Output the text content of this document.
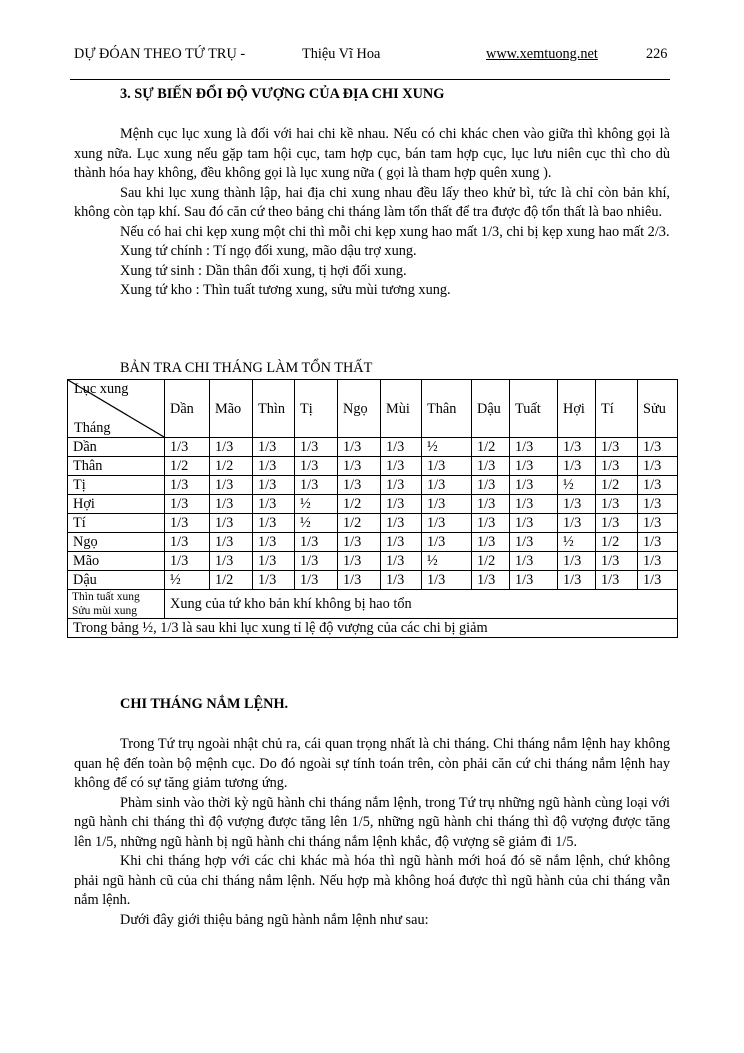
DỰ ĐÓAN THEO TỨ TRỤ -	Thiệu Vĩ Hoa	www.xemtuong.net	226
3. SỰ BIẾN ĐỔI ĐỘ VƯỢNG CỦA ĐỊA CHI XUNG

Mệnh cục lục xung là đối với hai chi kề nhau. Nếu có chi khác chen vào giữa thì không gọi là xung nữa. Lục xung nếu gặp tam hội cục, tam hợp cục, bán tam hợp cục, lục lưu niên cục thì cho dù thành hóa hay không, đều không gọi là lục xung nữa ( gọi là tham hợp quên xung ).

Sau khi lục xung thành lập, hai địa chi xung nhau đều lấy theo khử bì, tức là chỉ còn bản khí, không còn tạp khí. Sau đó căn cứ theo bảng chi tháng làm tổn thất để tra được độ tổn thất là bao nhiêu.

Nếu có hai chi kẹp xung một chi thì mỗi chi kẹp xung hao mất 1/3, chi bị kẹp xung hao mất 2/3.

Xung tứ chính : Tí ngọ đối xung, mão dậu trợ xung.

Xung tứ sinh : Dần thân đối xung, tị hợi đối xung.

Xung tứ kho : Thìn tuất tương xung, sửu mùi tương xung.

BẢN TRA CHI THÁNG LÀM TỔN THẤT
Lục xung
Tháng	Dần	Mão	Thìn	Tị	Ngọ	Mùi	Thân	Dậu	Tuất	Hợi	Tí	Sửu
Dần	1/3	1/3	1/3	1/3	1/3	1/3	½	1/2	1/3	1/3	1/3	1/3
Thân	1/2	1/2	1/3	1/3	1/3	1/3	1/3	1/3	1/3	1/3	1/3	1/3
Tị	1/3	1/3	1/3	1/3	1/3	1/3	1/3	1/3	1/3	½	1/2	1/3
Hợi	1/3	1/3	1/3	½	1/2	1/3	1/3	1/3	1/3	1/3	1/3	1/3
Tí	1/3	1/3	1/3	½	1/2	1/3	1/3	1/3	1/3	1/3	1/3	1/3
Ngọ	1/3	1/3	1/3	1/3	1/3	1/3	1/3	1/3	1/3	½	1/2	1/3
Mão	1/3	1/3	1/3	1/3	1/3	1/3	½	1/2	1/3	1/3	1/3	1/3
Dậu	½	1/2	1/3	1/3	1/3	1/3	1/3	1/3	1/3	1/3	1/3	1/3

Thìn tuất xung
Sửu mùi xung	Xung của tứ kho bản khí không bị hao tổn											
Trong bảng ½, 1/3 là sau khi lục xung tỉ lệ độ vượng của các chi bị giảm												
CHI THÁNG NẮM LỆNH.

Trong Tứ trụ ngoài nhật chủ ra, cái quan trọng nhất là chi tháng. Chi tháng nắm lệnh hay không quan hệ đến toàn bộ mệnh cục. Do đó ngoài sự tính toán trên, còn phải căn cứ chi tháng nắm lệnh hay không để có sự tăng giảm tương ứng.

Phàm sinh vào thời kỳ ngũ hành chi tháng nắm lệnh, trong Tứ trụ những ngũ hành cùng loại với ngũ hành chi tháng thì độ vượng được tăng lên 1/5, những ngũ hành chi tháng thì độ vượng được tăng lên 1/5, những ngũ hành bị ngũ hành chi tháng nắm lệnh khắc, độ vượng sẽ giảm đi 1/5.

Khi chi tháng hợp với các chi khác mà hóa thì ngũ hành mới hoá đó sẽ nắm lệnh, chứ không phải ngũ hành cũ của chi tháng nắm lệnh. Nếu hợp mà không hoá được thì ngũ hành của chi tháng vẫn nắm lệnh.

Dưới đây giới thiệu bảng ngũ hành nắm lệnh như sau:
